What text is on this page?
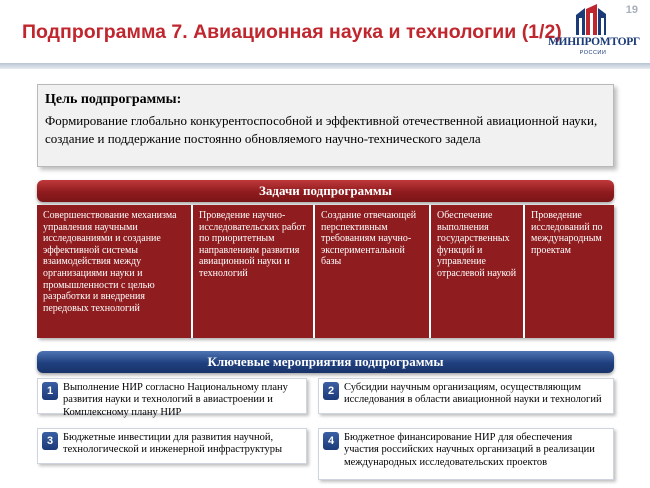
Подпрограмма 7. Авиационная наука и технологии (1/2)
19
МИНПРОМТОРГ
РОССИИ
Цель подпрограммы:
Формирование глобально конкурентоспособной и эффективной отечественной авиационной науки, создание и поддержание постоянно обновляемого научно-технического задела
Задачи подпрограммы
Совершенствование механизма управления научными исследованиями и создание эффективной системы взаимодействия между организациями науки и промышленности с целью разработки и внедрения передовых технологий
Проведение научно-исследовательских работ по приоритетным направлениям развития авиационной науки и технологий
Создание отвечающей перспективным требованиям научно-экспериментальной базы
Обеспечение выполнения государственных функций и управление отраслевой наукой
Проведение исследований по международным проектам
Ключевые мероприятия подпрограммы
1 Выполнение НИР согласно Национальному плану развития науки и технологий в авиастроении и Комплексному плану НИР
2 Субсидии научным организациям, осуществляющим исследования в области авиационной науки и технологий
3 Бюджетные инвестиции для развития научной, технологической и инженерной инфраструктуры
4 Бюджетное финансирование НИР для обеспечения участия российских научных организаций в реализации международных исследовательских проектов
